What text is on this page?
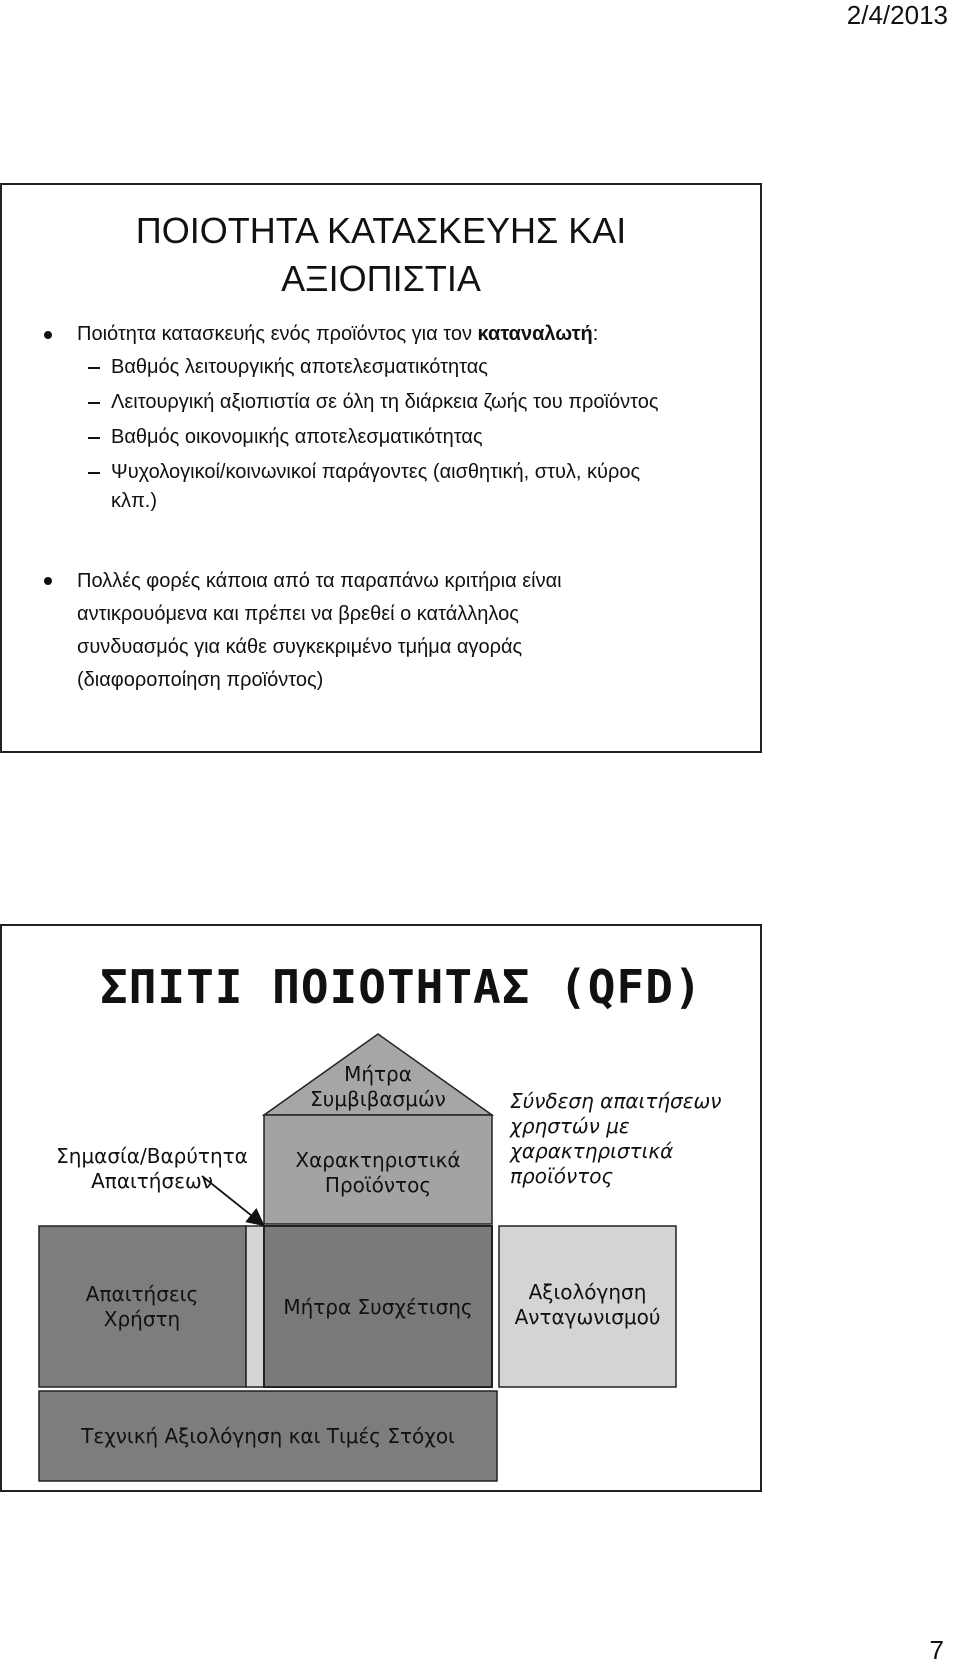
2/4/2013
ΠΟΙΟΤΗΤΑ ΚΑΤΑΣΚΕΥΗΣ ΚΑΙ
ΑΞΙΟΠΙΣΤΙΑ
Ποιότητα κατασκευής ενός προϊόντος για τον καταναλωτή:
Βαθμός λειτουργικής αποτελεσματικότητας
Λειτουργική αξιοπιστία σε όλη τη διάρκεια ζωής του προϊόντος
Βαθμός οικονομικής αποτελεσματικότητας
Ψυχολογικοί/κοινωνικοί παράγοντες (αισθητική, στυλ, κύρος κλπ.)
Πολλές φορές κάποια από τα παραπάνω κριτήρια είναι
αντικρουόμενα και πρέπει να βρεθεί ο κατάλληλος
συνδυασμός για κάθε συγκεκριμένο τμήμα αγοράς
(διαφοροποίηση προϊόντος)
ΣΠΙΤΙ ΠΟΙΟΤΗΤΑΣ (QFD)
Μήτρα
Συμβιβασμών
Σημασία/Βαρύτητα
Απαιτήσεων
Χαρακτηριστικά
Προϊόντος
Σύνδεση απαιτήσεων
χρηστών με
χαρακτηριστικά
προϊόντος
Απαιτήσεις
Χρήστη	Μήτρα Συσχέτισης
Αξιολόγηση
Ανταγωνισμού
Τεχνική Αξιολόγηση και Τιμές Στόχοι
7
